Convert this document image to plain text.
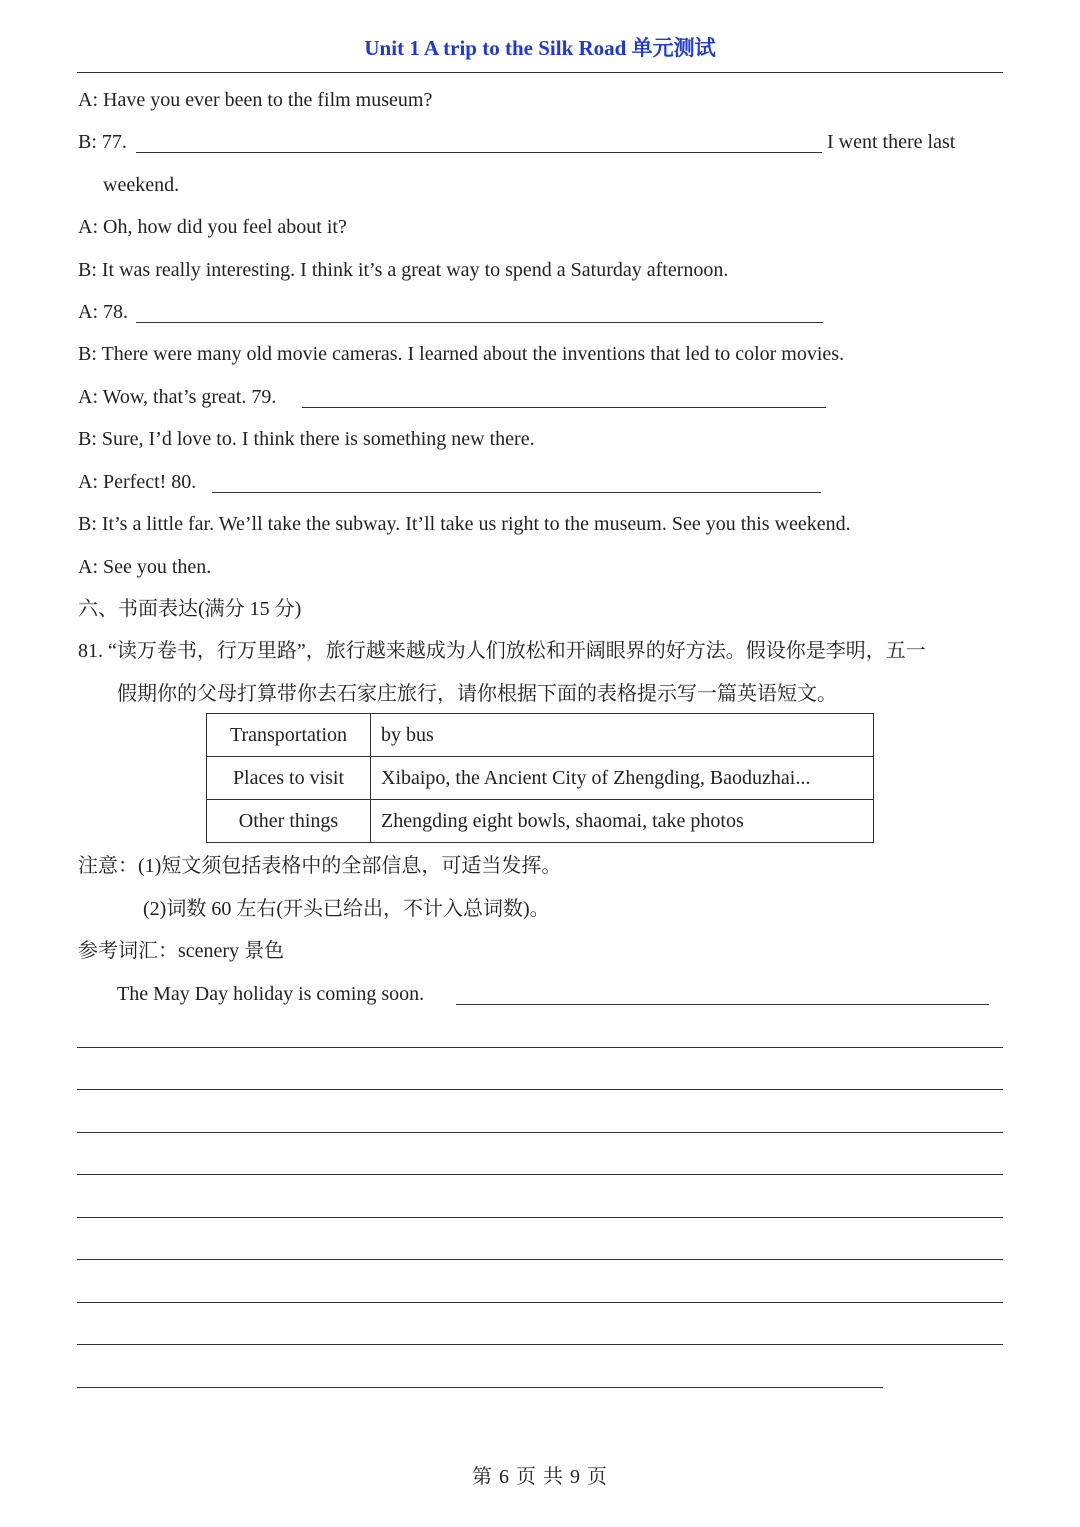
Unit 1 A trip to the Silk Road 单元测试
A: Have you ever been to the film museum?
B: 77.	I went there last
weekend.
A: Oh, how did you feel about it?
B: It was really interesting. I think it’s a great way to spend a Saturday afternoon.
A: 78.
B: There were many old movie cameras. I learned about the inventions that led to color movies.
A: Wow, that’s great. 79.
B: Sure, I’d love to. I think there is something new there.
A: Perfect! 80.
B: It’s a little far. We’ll take the subway. It’ll take us right to the museum. See you this weekend.
A: See you then.
六、书面表达(满分 15 分)
81. “读万卷书，行万里路”，旅行越来越成为人们放松和开阔眼界的好方法。假设你是李明，五一
假期你的父母打算带你去石家庄旅行，请你根据下面的表格提示写一篇英语短文。
Transportation	by bus
Places to visit	Xibaipo, the Ancient City of Zhengding, Baoduzhai...
Other things	Zhengding eight bowls, shaomai, take photos
注意：(1)短文须包括表格中的全部信息，可适当发挥。
(2)词数 60 左右(开头已给出，不计入总词数)。
参考词汇：scenery 景色
The May Day holiday is coming soon.
第 6 页 共 9 页
